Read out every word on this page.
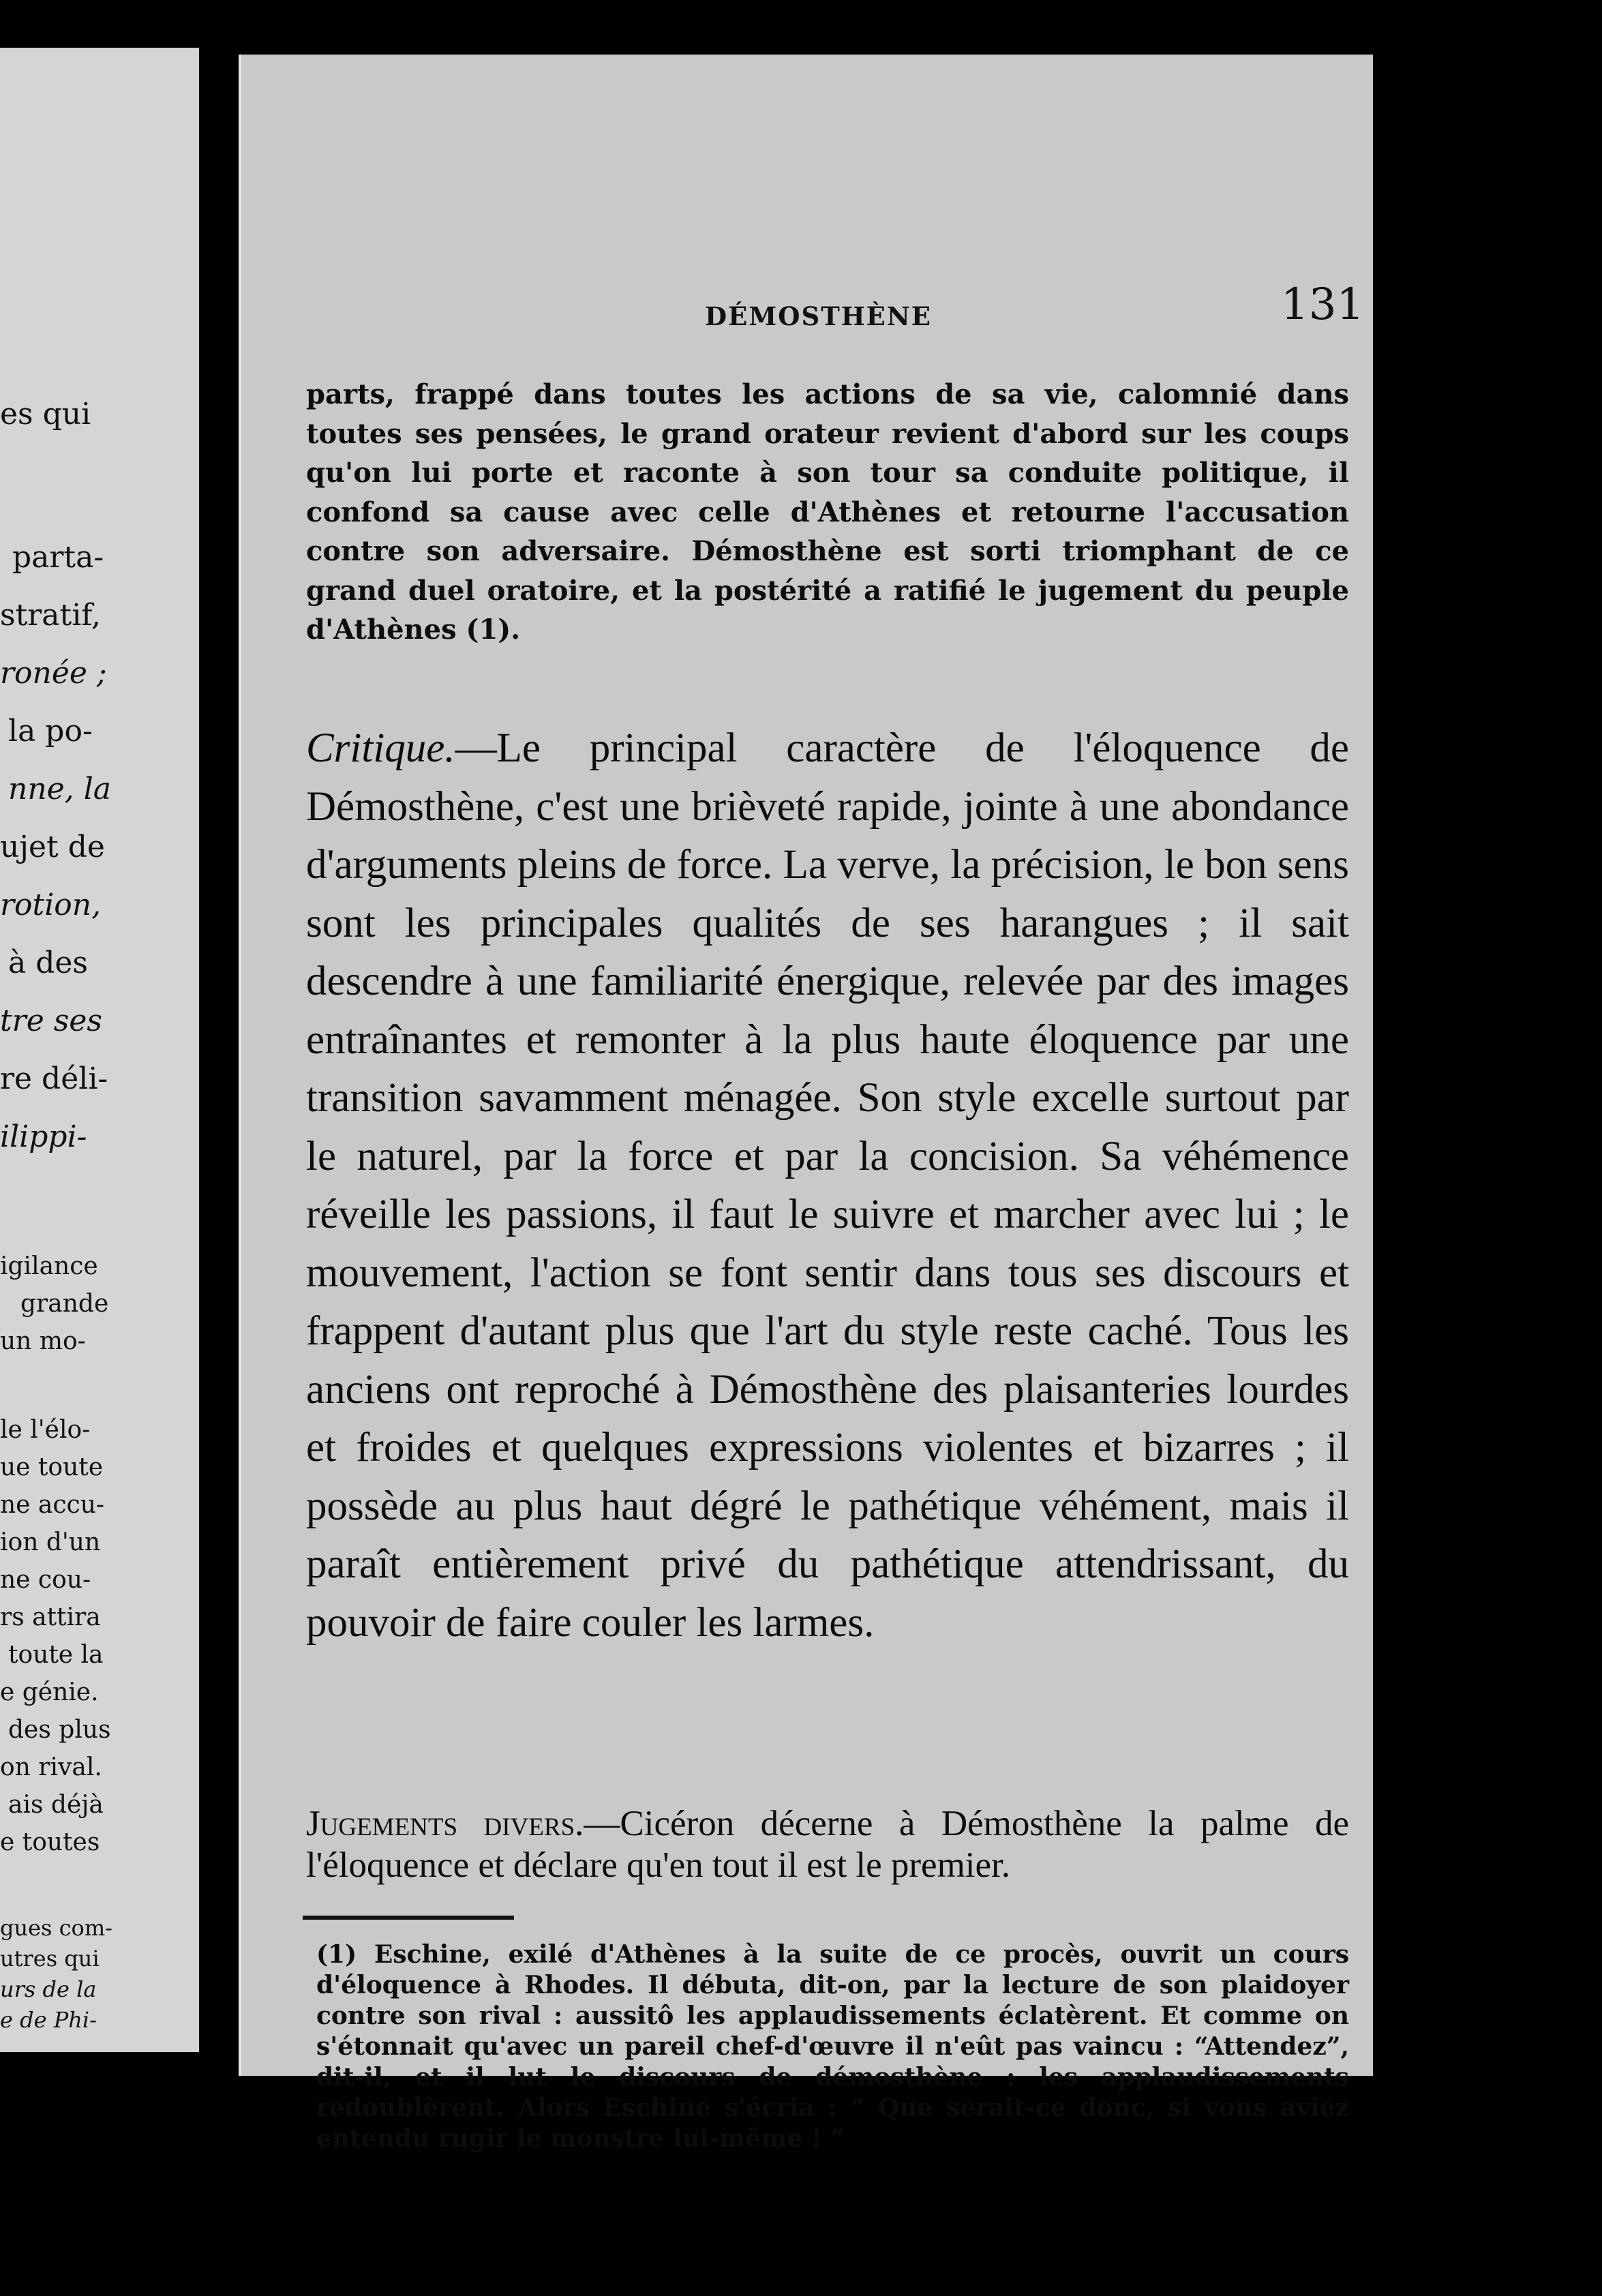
es qui
parta-
stratif,
ronée ;
la po-
nne, la
ujet de
rotion,
à des
tre ses
re déli-
ilippi-
igilance
grande
un mo-
le l'élo-
ue toute
ne accu-
ion d'un
ne cou-
rs attira
toute la
e génie.
des plus
on rival.
ais déjà
e toutes
gues com-
utres qui
urs de la
e de Phi-
DÉMOSTHÈNE	131

parts, frappé dans toutes les actions de sa vie, calomnié dans toutes ses pensées, le grand orateur revient d'abord sur les coups qu'on lui porte et raconte à son tour sa conduite politique, il confond sa cause avec celle d'Athènes et retourne l'accusation contre son adversaire. Démosthène est sorti triomphant de ce grand duel oratoire, et la postérité a ratifié le jugement du peuple d'Athènes (1).

Critique.—Le principal caractère de l'éloquence de Démosthène, c'est une brièveté rapide, jointe à une abondance d'arguments pleins de force. La verve, la précision, le bon sens sont les principales qualités de ses harangues ; il sait descendre à une familiarité énergique, relevée par des images entraînantes et remonter à la plus haute éloquence par une transition savamment ménagée. Son style excelle surtout par le naturel, par la force et par la concision. Sa véhémence réveille les passions, il faut le suivre et marcher avec lui ; le mouvement, l'action se font sentir dans tous ses discours et frappent d'autant plus que l'art du style reste caché. Tous les anciens ont reproché à Démosthène des plaisanteries lourdes et froides et quelques expressions violentes et bizarres ; il possède au plus haut dégré le pathétique véhément, mais il paraît entièrement privé du pathétique attendrissant, du pouvoir de faire couler les larmes.

Jugements divers.—Cicéron décerne à Démosthène la palme de l'éloquence et déclare qu'en tout il est le premier.

(1) Eschine, exilé d'Athènes à la suite de ce procès, ouvrit un cours d'éloquence à Rhodes. Il débuta, dit-on, par la lecture de son plaidoyer contre son rival : aussitô les applaudissements éclatèrent. Et comme on s'étonnait qu'avec un pareil chef-d'œuvre il n'eût pas vaincu : “Attendez”, dit-il, et il lut le discours de démosthène : les applaudissements redoublèrent. Alors Eschine s'écria : “ Que serait-ce donc, si vous aviez entendu rugir le monstre lui-même ! ”
